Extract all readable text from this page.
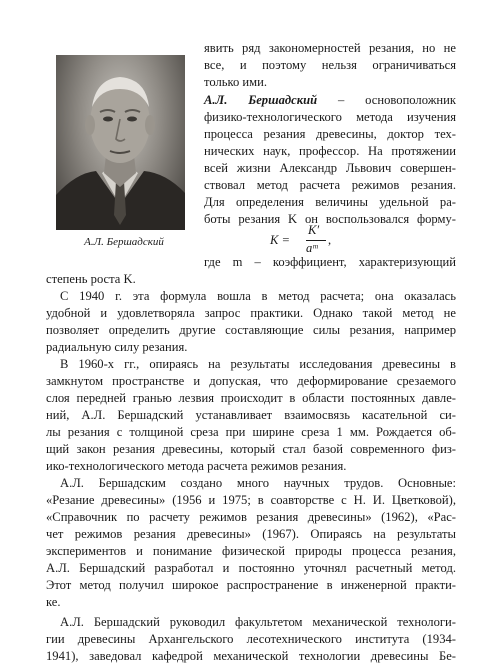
А.Л. Бершадский
явить ряд закономерностей резания, но не
все, и поэтому нельзя ограничиваться
только ими.
А.Л. Бершадский – основоположник
физико-технологического метода изучения
процесса резания древесины, доктор тех-
нических наук, профессор. На протяжении
всей жизни Александр Львович совершен-
ствовал метод расчета режимов резания.
Для определения величины удельной ра-
боты резания K он воспользовался форму-
K =
K′
aᵐ
,
где m – коэффициент, характеризующий
степень роста K.
С 1940 г. эта формула вошла в метод расчета; она оказалась
удобной и удовлетворяла запрос практики. Однако такой метод не
позволяет определить другие составляющие силы резания, например
радиальную силу резания.
В 1960-х гг., опираясь на результаты исследования древесины в
замкнутом пространстве и допуская, что деформирование срезаемого
слоя передней гранью лезвия происходит в области постоянных давле-
ний, А.Л. Бершадский устанавливает взаимосвязь касательной си-
лы резания с толщиной среза при ширине среза 1 мм. Рождается об-
щий закон резания древесины, который стал базой современного физ-
ико-технологического метода расчета режимов резания.
А.Л. Бершадским создано много научных трудов. Основные:
«Резание древесины» (1956 и 1975; в соавторстве с Н. И. Цветковой),
«Справочник по расчету режимов резания древесины» (1962), «Рас-
чет режимов резания древесины» (1967). Опираясь на результаты
экспериментов и понимание физической природы процесса резания,
А.Л. Бершадский разработал и постоянно уточнял расчетный метод.
Этот метод получил широкое распространение в инженерной практи-
ке.
А.Л. Бершадский руководил факультетом механической технологи-
гии древесины Архангельского лесотехнического института (1934-
1941), заведовал кафедрой механической технологии древесины Бе-
